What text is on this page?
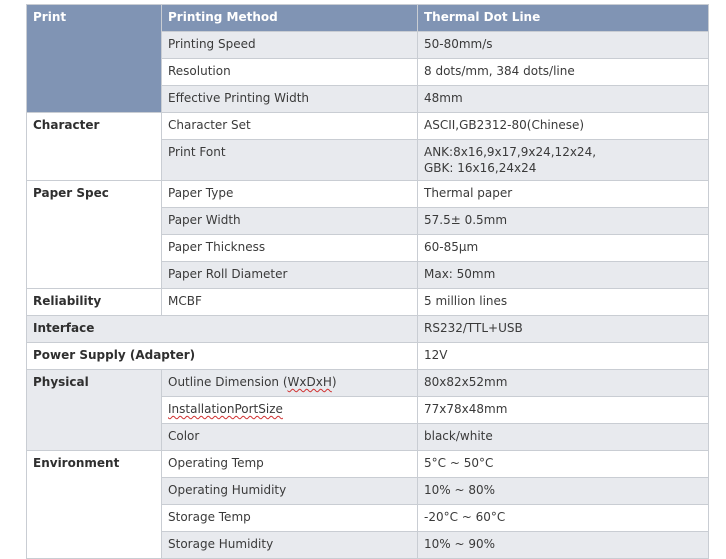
Print	Printing Method	Thermal Dot Line
	Printing Speed	50-80mm/s
	Resolution	8 dots/mm, 384 dots/line
	Effective Printing Width	48mm
Character	Character Set	ASCII,GB2312-80(Chinese)
	Print Font	ANK:8x16,9x17,9x24,12x24,
GBK: 16x16,24x24

Paper Spec	Paper Type	Thermal paper
	Paper Width	57.5± 0.5mm
	Paper Thickness	60-85μm
	Paper Roll Diameter	Max: 50mm
Reliability	MCBF	5 million lines
Interface		RS232/TTL+USB
Power Supply (Adapter)		12V
Physical	Outline Dimension (WxDxH)	80x82x52mm
	InstallationPortSize	77x78x48mm
	Color	black/white
Environment	Operating Temp	5°C ~ 50°C
	Operating Humidity	10% ~ 80%
	Storage Temp	-20°C ~ 60°C
	Storage Humidity	10% ~ 90%
